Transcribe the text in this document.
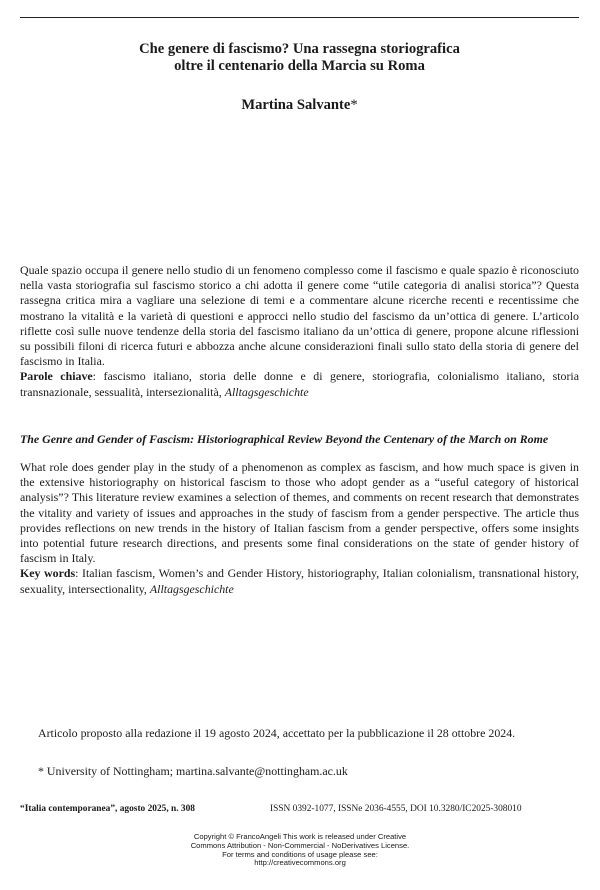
Che genere di fascismo? Una rassegna storiografica
oltre il centenario della Marcia su Roma
Martina Salvante*
Quale spazio occupa il genere nello studio di un fenomeno complesso come il fascismo e quale spazio è riconosciuto nella vasta storiografia sul fascismo storico a chi adotta il genere come “utile categoria di analisi storica”? Questa rassegna critica mira a vagliare una selezione di temi e a commentare alcune ricerche recenti e recentissime che mostrano la vitalità e la varietà di questioni e approcci nello studio del fascismo da un’ottica di genere. L’articolo riflette così sulle nuove tendenze della storia del fascismo italiano da un’ottica di genere, propone alcune riflessioni su possibili filoni di ricerca futuri e abbozza anche alcune considerazioni finali sullo stato della storia di genere del fascismo in Italia.
Parole chiave: fascismo italiano, storia delle donne e di genere, storiografia, colonialismo italiano, storia transnazionale, sessualità, intersezionalità, Alltagsgeschichte
The Genre and Gender of Fascism: Historiographical Review Beyond the Centenary of the March on Rome
What role does gender play in the study of a phenomenon as complex as fascism, and how much space is given in the extensive historiography on historical fascism to those who adopt gender as a “useful category of historical analysis”? This literature review examines a selection of themes, and comments on recent research that demonstrates the vitality and variety of issues and approaches in the study of fascism from a gender perspective. The article thus provides reflections on new trends in the history of Italian fascism from a gender perspective, offers some insights into potential future research directions, and presents some final considerations on the state of gender history of fascism in Italy.
Key words: Italian fascism, Women’s and Gender History, historiography, Italian colonialism, transnational history, sexuality, intersectionality, Alltagsgeschichte
Articolo proposto alla redazione il 19 agosto 2024, accettato per la pubblicazione il 28 ottobre 2024.
* University of Nottingham; martina.salvante@nottingham.ac.uk
“Italia contemporanea”, agosto 2025, n. 308	ISSN 0392-1077, ISSNe 2036-4555, DOI 10.3280/IC2025-308010
Copyright © FrancoAngeli This work is released under Creative
Commons Attribution - Non-Commercial - NoDerivatives License.
For terms and conditions of usage please see:
http://creativecommons.org
